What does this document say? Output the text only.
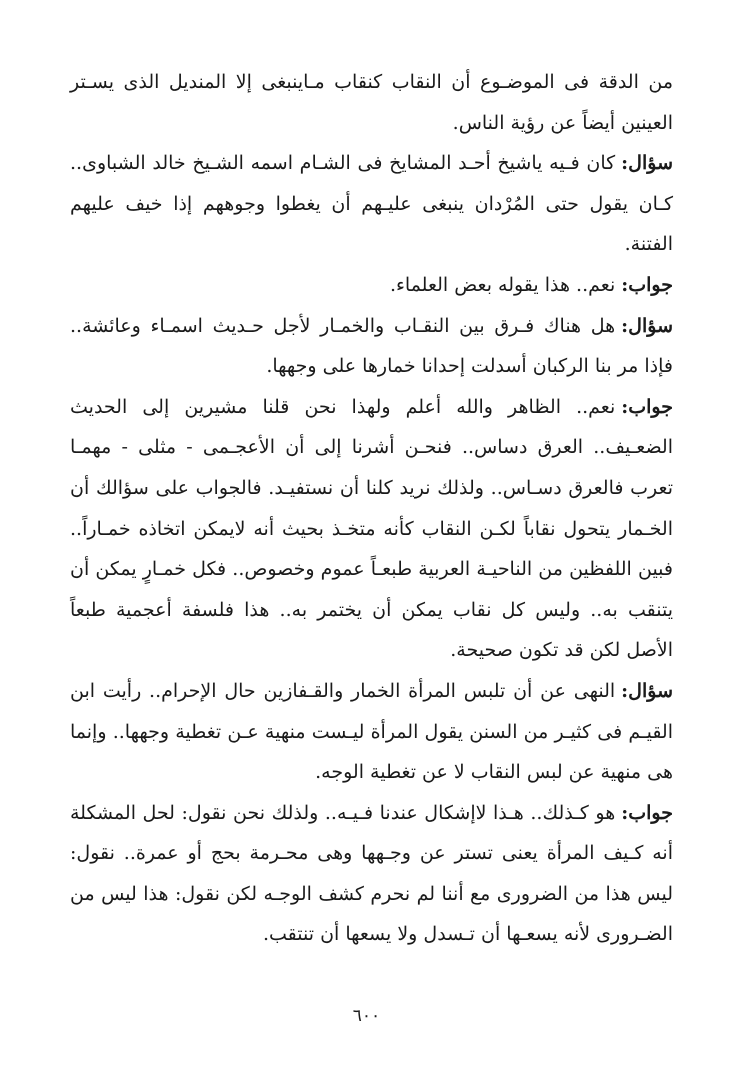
من الدقة فى الموضـوع أن النقاب كنقاب مـاينبغى إلا المنديل الذى يسـتر العينين أيضاً عن رؤية الناس.

سؤال:كان فـيه ياشيخ أحـد المشايخ فى الشـام اسمه الشـيخ خالد الشباوى.. كـان يقول حتى المُرْدان ينبغى عليـهم أن يغطوا وجوههم إذا خيف عليهم الفتنة.

جواب:نعم.. هذا يقوله بعض العلماء.

سؤال:هل هناك فـرق بين النقـاب والخمـار لأجل حـديث اسمـاء وعائشة.. فإذا مر بنا الركبان أسدلت إحدانا خمارها على وجهها.

جواب:نعم.. الظاهر والله أعلم ولهذا نحن قلنا مشيرين إلى الحديث الضعـيف.. العرق دساس.. فنحـن أشرنا إلى أن الأعجـمى - مثلى - مهمـا تعرب فالعرق دسـاس.. ولذلك نريد كلنا أن نستفيـد. فالجواب على سؤالك أن الخـمار يتحول نقاباً لكـن النقاب كأنه متخـذ بحيث أنه لايمكن اتخاذه خمـاراً.. فبين اللفظين من الناحيـة العربية طبعـاً عموم وخصوص.. فكل خمـارٍ يمكن أن يتنقب به.. وليس كل نقاب يمكن أن يختمر به.. هذا فلسفة أعجمية طبعاً الأصل لكن قد تكون صحيحة.

سؤال:النهى عن أن تلبس المرأة الخمار والقـفازين حال الإحرام.. رأيت ابن القيـم فى كثيـر من السنن يقول المرأة ليـست منهية عـن تغطية وجهها.. وإنما هى منهية عن لبس النقاب لا عن تغطية الوجه.

جواب:هو كـذلك.. هـذا لاإشكال عندنا فـيـه.. ولذلك نحن نقول: لحل المشكلة أنه كـيف المرأة يعنى تستر عن وجـهها وهى محـرمة بحج أو عمرة.. نقول: ليس هذا من الضرورى مع أننا لم نحرم كشف الوجـه لكن نقول: هذا ليس من الضـرورى لأنه يسعـها أن تـسدل ولا يسعها أن تنتقب.

٦٠٠
